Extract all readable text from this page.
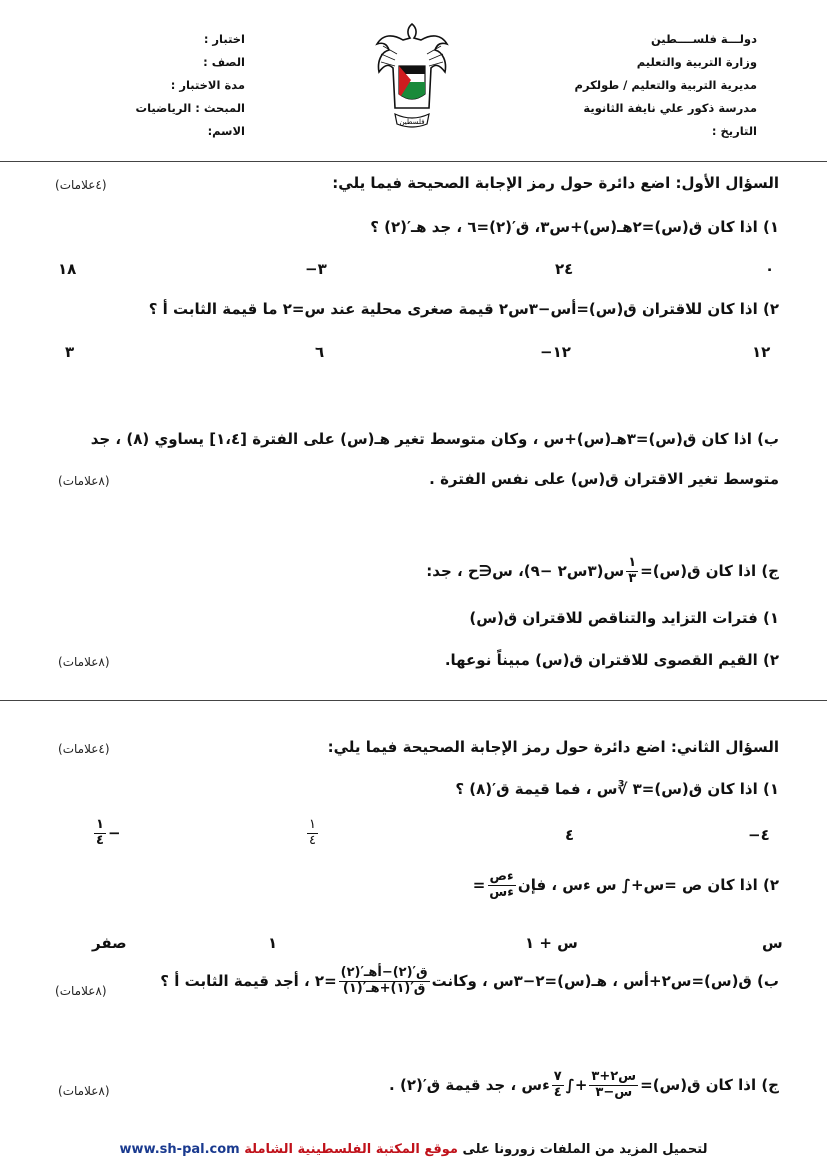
دولـــة فلســــطين
وزارة التربية والتعليم
مديرية التربية والتعليم / طولكرم
مدرسة ذكور علي نايفة الثانوية
التاريخ :
اختبار :
الصف :
مدة الاختبار :
المبحث : الرياضيات
الاسم:
فلسطين
السؤال الأول: اضع دائرة حول رمز الإجابة الصحيحة فيما يلي:
(٤علامات)
١) اذا كان ق(س)=٢هـ(س)+س٣، ق′(٢)=٦ ، جد هـ′(٢) ؟
٠
٢٤
−٣
١٨
٢) اذا كان للاقتران ق(س)=أس−٣س٢ قيمة صغرى محلية عند س=٢ ما قيمة الثابت أ ؟
١٢
−١٢
٦
٣
ب) اذا كان ق(س)=٣هـ(س)+س ، وكان متوسط تغير هـ(س) على الفترة [١،٤] يساوي (٨) ، جد
متوسط تغير الاقتران ق(س) على نفس الفترة .
(٨علامات)
ج) اذا كان ق(س)=
$\frac{١}{٣}$
س(٣س٢ −٩)، س∈ح ، جد:
١) فترات التزايد والتناقص للاقتران ق(س)
٢) القيم القصوى للاقتران ق(س) مبيناً نوعها.
(٨علامات)
السؤال الثاني: اضع دائرة حول رمز الإجابة الصحيحة فيما يلي:
(٤علامات)
١) اذا كان ق(س)=٣ ∛س ، فما قيمة ق′(٨) ؟
−٤
٤
$\frac{١}{٤}$
$\frac{١}{٤}$ −
٢) اذا كان ص =س+∫ س ءس ، فإن
$\frac{\text{ءص}}{\text{ءس}}$
=
س
س + ١
١
صفر
ب) ق(س)=س٢+أس ، هـ(س)=٢−٣س ، وكانت
$\frac{\text{ق′(٢)−أهـ′(٢)}}{\text{ق′(١)+هـ′(١)}}$
=٢ ، أجد قيمة الثابت أ ؟
(٨علامات)
ج) اذا كان ق(س)=
$\frac{\text{س٢+٣}}{\text{س−٣}}$
+∫
$\frac{٧}{٤}$
ءس ، جد قيمة ق′(٢) .
(٨علامات)
www.sh-pal.com	لتحميل المزيد من الملفات زورونا على موقع المكتبة الفلسطينية الشاملة
